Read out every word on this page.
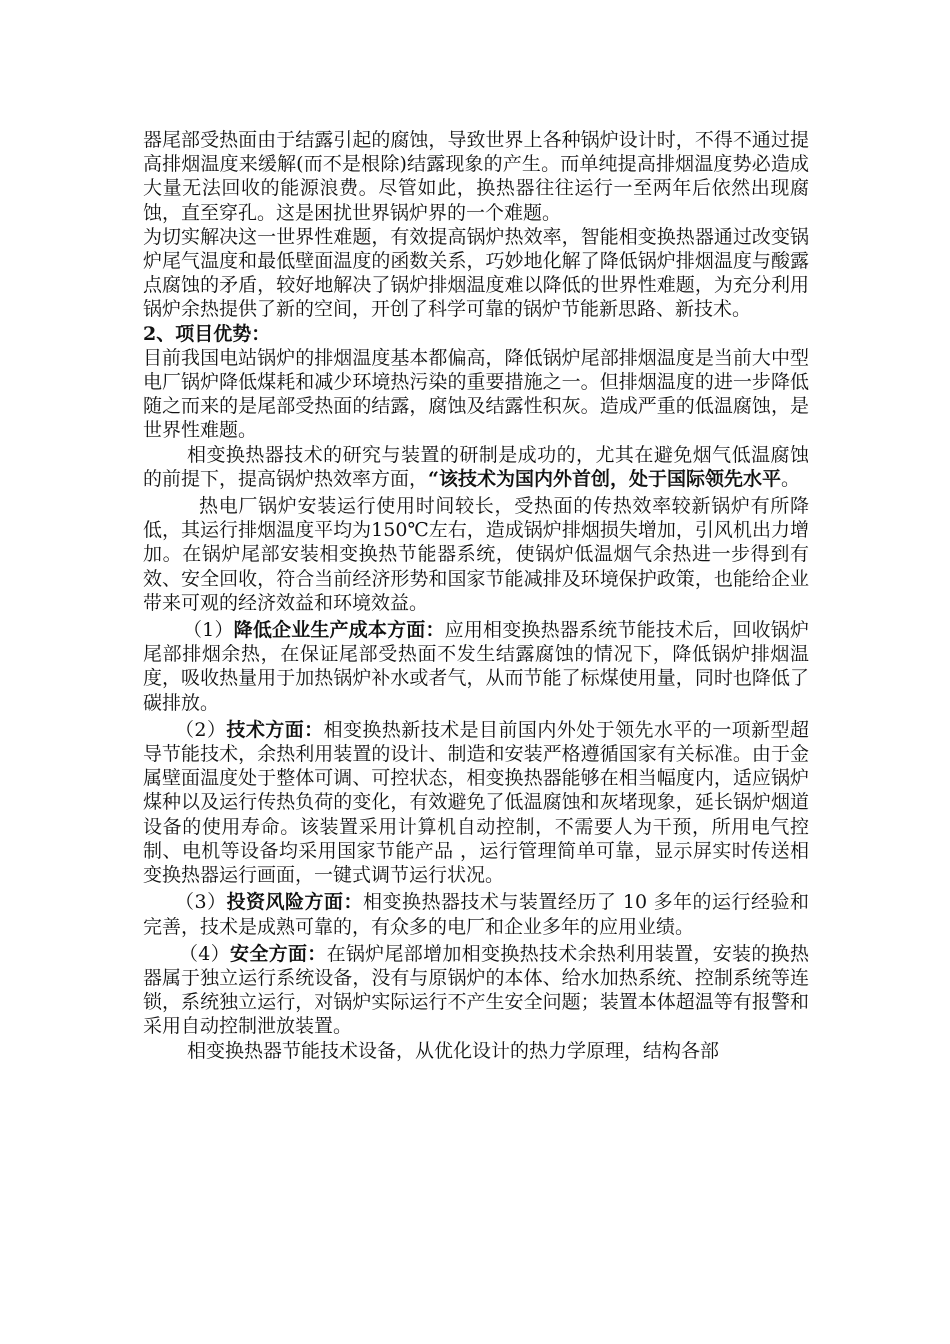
器尾部受热面由于结露引起的腐蚀，导致世界上各种锅炉设计时，不得不通过提高排烟温度来缓解(而不是根除)结露现象的产生。而单纯提高排烟温度势必造成大量无法回收的能源浪费。尽管如此，换热器往往运行一至两年后依然出现腐蚀，直至穿孔。这是困扰世界锅炉界的一个难题。

为切实解决这一世界性难题，有效提高锅炉热效率，智能相变换热器通过改变锅炉尾气温度和最低壁面温度的函数关系，巧妙地化解了降低锅炉排烟温度与酸露点腐蚀的矛盾，较好地解决了锅炉排烟温度难以降低的世界性难题，为充分利用锅炉余热提供了新的空间，开创了科学可靠的锅炉节能新思路、新技术。

2、项目优势：

目前我国电站锅炉的排烟温度基本都偏高，降低锅炉尾部排烟温度是当前大中型电厂锅炉降低煤耗和减少环境热污染的重要措施之一。但排烟温度的进一步降低随之而来的是尾部受热面的结露，腐蚀及结露性积灰。造成严重的低温腐蚀，是世界性难题。

相变换热器技术的研究与装置的研制是成功的，尤其在避免烟气低温腐蚀的前提下，提高锅炉热效率方面，“该技术为国内外首创，处于国际领先水平。

热电厂锅炉安装运行使用时间较长，受热面的传热效率较新锅炉有所降低，其运行排烟温度平均为150℃左右，造成锅炉排烟损失增加，引风机出力增加。在锅炉尾部安装相变换热节能器系统，使锅炉低温烟气余热进一步得到有效、安全回收，符合当前经济形势和国家节能减排及环境保护政策，也能给企业带来可观的经济效益和环境效益。

（1）降低企业生产成本方面：应用相变换热器系统节能技术后，回收锅炉尾部排烟余热，在保证尾部受热面不发生结露腐蚀的情况下，降低锅炉排烟温度，吸收热量用于加热锅炉补水或者气，从而节能了标煤使用量，同时也降低了碳排放。

（2）技术方面：相变换热新技术是目前国内外处于领先水平的一项新型超导节能技术，余热利用装置的设计、制造和安装严格遵循国家有关标准。由于金属壁面温度处于整体可调、可控状态，相变换热器能够在相当幅度内，适应锅炉煤种以及运行传热负荷的变化，有效避免了低温腐蚀和灰堵现象，延长锅炉烟道设备的使用寿命。该装置采用计算机自动控制，不需要人为干预，所用电气控制、电机等设备均采用国家节能产品 ，运行管理简单可靠，显示屏实时传送相变换热器运行画面，一键式调节运行状况。

（3）投资风险方面：相变换热器技术与装置经历了 10 多年的运行经验和完善，技术是成熟可靠的，有众多的电厂和企业多年的应用业绩。

（4）安全方面：在锅炉尾部增加相变换热技术余热利用装置，安装的换热器属于独立运行系统设备，没有与原锅炉的本体、给水加热系统、控制系统等连锁，系统独立运行，对锅炉实际运行不产生安全问题；装置本体超温等有报警和采用自动控制泄放装置。

相变换热器节能技术设备，从优化设计的热力学原理，结构各部
